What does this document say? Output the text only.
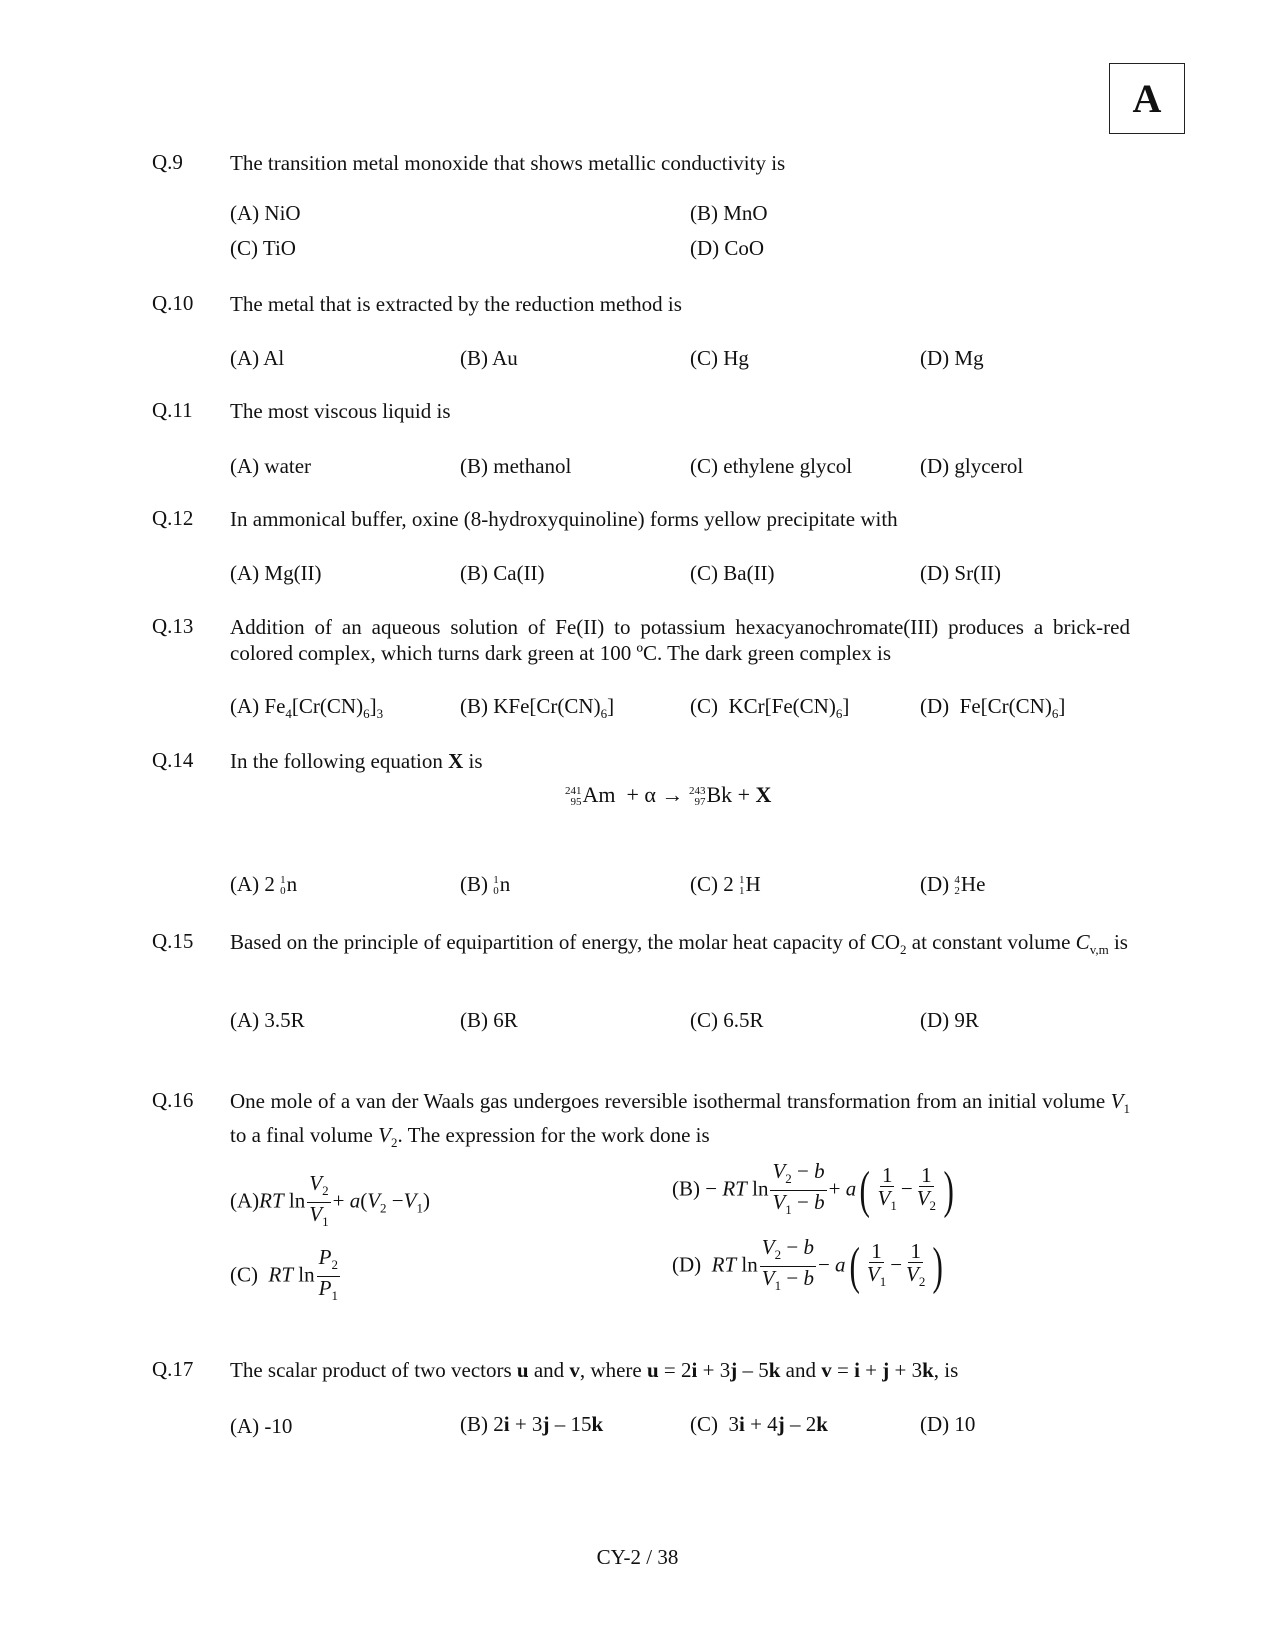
A
Q.9 The transition metal monoxide that shows metallic conductivity is
(A) NiO	(B) MnO
(C) TiO	(D) CoO
Q.10 The metal that is extracted by the reduction method is
(A) Al	(B) Au	(C) Hg	(D) Mg
Q.11 The most viscous liquid is
(A) water	(B) methanol	(C) ethylene glycol	(D) glycerol
Q.12 In ammonical buffer, oxine (8-hydroxyquinoline) forms yellow precipitate with
(A) Mg(II)	(B) Ca(II)	(C) Ba(II)	(D) Sr(II)
Q.13 Addition of an aqueous solution of Fe(II) to potassium hexacyanochromate(III) produces a brick-red colored complex, which turns dark green at 100 ºC. The dark green complex is
(A) $Fe_4[Cr(CN)_6]_3$	(B) $KFe[Cr(CN)_6]$	(C)  $KCr[Fe(CN)_6]$	(D)  $Fe[Cr(CN)_6]$
Q.14 In the following equation X is
241
95 Am  + α → 243
97 Bk + X
(A) 2 1
0 n	(B) 1
0 n	(C) 2 1
1 H	(D) 4
2 He
Q.15 Based on the principle of equipartition of energy, the molar heat capacity of $CO_2$ at constant volume $C_{v,m}$ is
(A) 3.5R	(B) 6R	(C) 6.5R	(D) 9R
Q.16 One mole of a van der Waals gas undergoes reversible isothermal transformation from an initial volume $V_1$ to a final volume $V_2$. The expression for the work done is
(A)RT $\ln \frac{V_2}{V_1} + a(V_2 -V_1)$	(B) − RT $\ln \frac{V_2 - b}{V_1 - b} + a( \frac{1}{V_1} - \frac{1}{V_2}$ )
(C) RT $\ln \frac{P_2}{P_1}$	(D) RT $\ln \frac{V_2 - b}{V_1 - b} - a( \frac{1}{V_1} - \frac{1}{V_2}$ )
Q.17 The scalar product of two vectors u and v, where u = 2i + 3j – 5k and v = i + j + 3k, is
(A) -10	(B) 2i + 3j – 15k	(C)  3i + 4j – 2k	(D) 10
CY-2 / 38
